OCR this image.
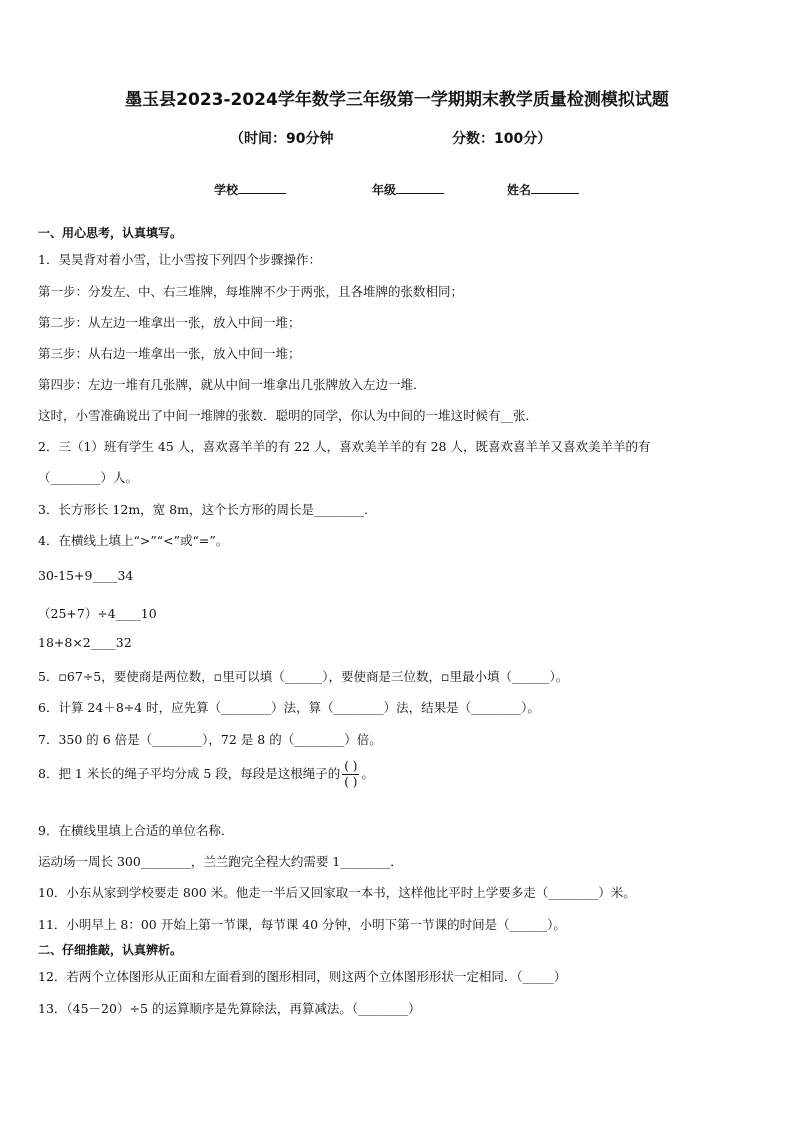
墨玉县2023-2024学年数学三年级第一学期期末教学质量检测模拟试题
（时间：90分钟	分数：100分）
学校	年级	姓名
一、用心思考，认真填写。
1．昊昊背对着小雪，让小雪按下列四个步骤操作：
第一步：分发左、中、右三堆牌，每堆牌不少于两张，且各堆牌的张数相同；
第二步：从左边一堆拿出一张，放入中间一堆；
第三步：从右边一堆拿出一张，放入中间一堆；
第四步：左边一堆有几张牌，就从中间一堆拿出几张牌放入左边一堆．
这时，小雪准确说出了中间一堆牌的张数．聪明的同学，你认为中间的一堆这时候有__张．
2．三（1）班有学生 45 人，喜欢喜羊羊的有 22 人，喜欢美羊羊的有 28 人，既喜欢喜羊羊又喜欢美羊羊的有
（________）人。
3．长方形长 12m，宽 8m，这个长方形的周长是________．
4．在横线上填上“>”“<”或“=”。
30-15+9____34
（25+7）÷4____10
18+8×2____32
5．▫67÷5，要使商是两位数，▫里可以填（______），要使商是三位数，▫里最小填（______）。
6．计算 24＋8÷4 时，应先算（________）法，算（________）法，结果是（________）。
7．350 的 6 倍是（________），72 是 8 的（________）倍。
8．把 1 米长的绳子平均分成 5 段，每段是这根绳子的 $\frac{( )}{( )}$ 。
9．在横线里填上合适的单位名称．
运动场一周长 300________，兰兰跑完全程大约需要 1________．
10．小东从家到学校要走 800 米。他走一半后又回家取一本书，这样他比平时上学要多走（________）米。
11．小明早上 8：00 开始上第一节课，每节课 40 分钟，小明下第一节课的时间是（______）。
二、仔细推敲，认真辨析。
12．若两个立体图形从正面和左面看到的图形相同，则这两个立体图形形状一定相同．（_____）
13．（45－20）÷5 的运算顺序是先算除法，再算减法。（________）
